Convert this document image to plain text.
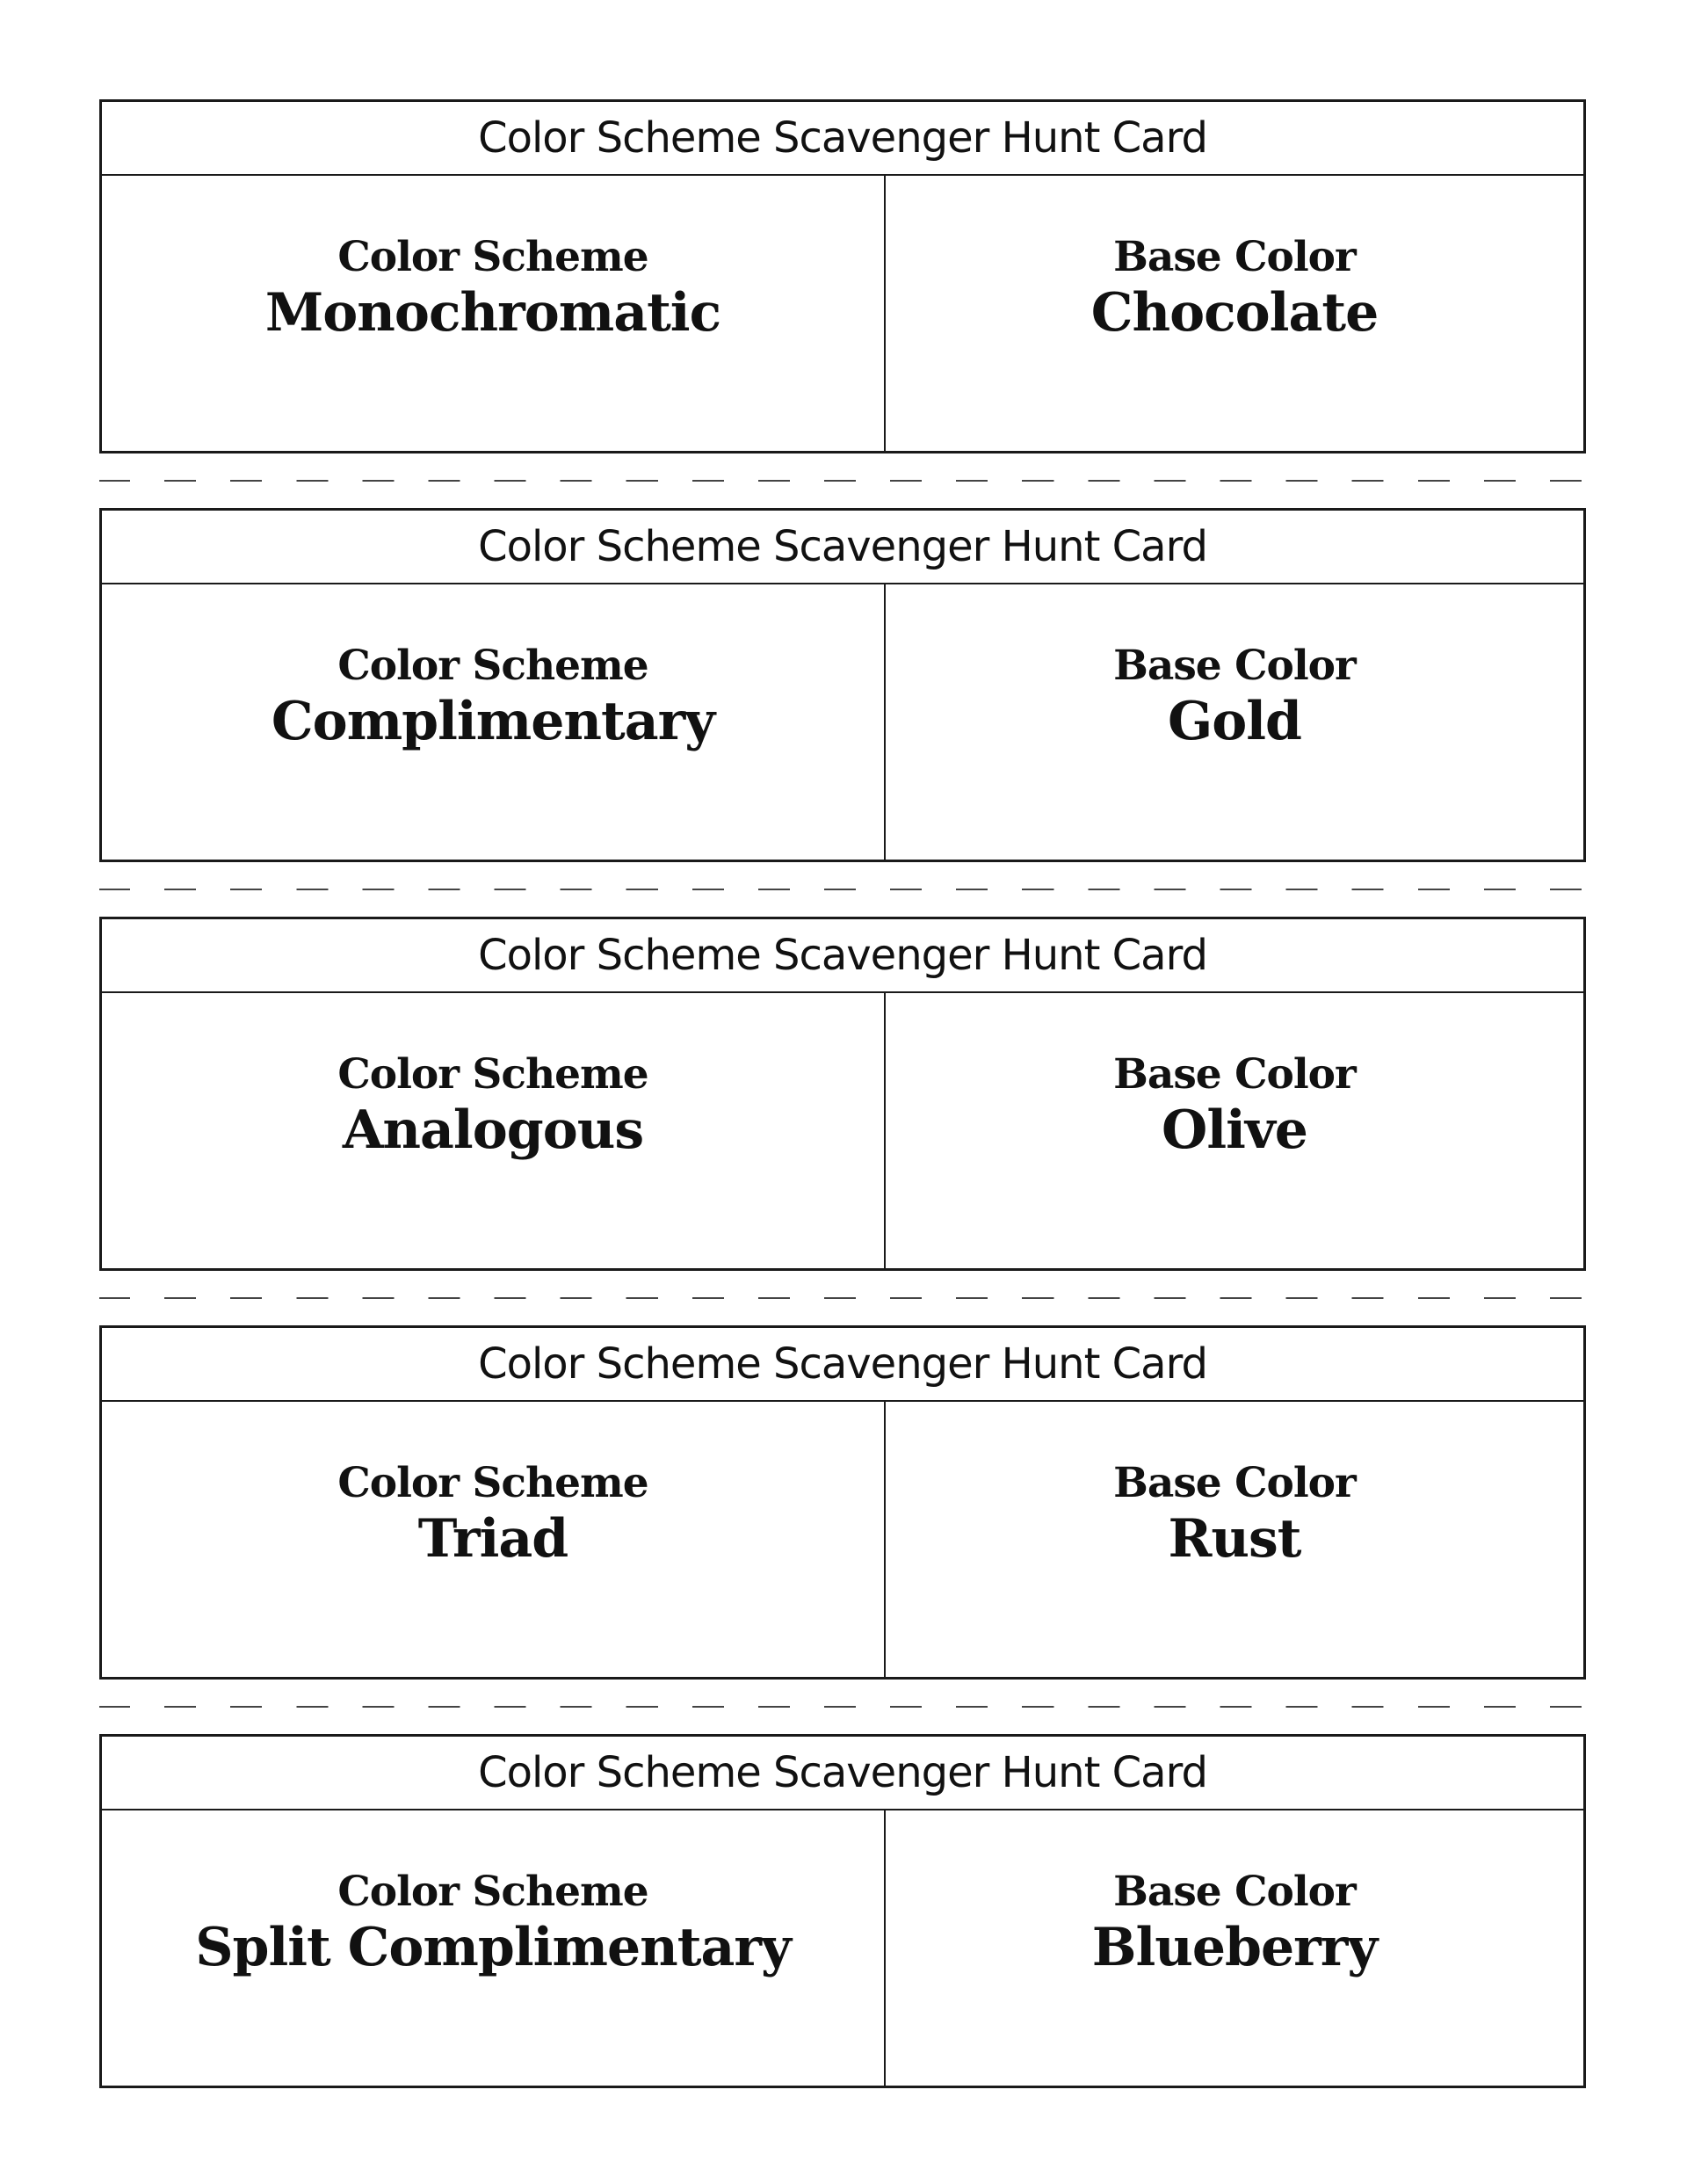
Color Scheme Scavenger Hunt Card
Color Scheme
Monochromatic
Base Color
Chocolate
Color Scheme Scavenger Hunt Card
Color Scheme
Complimentary
Base Color
Gold
Color Scheme Scavenger Hunt Card
Color Scheme
Analogous
Base Color
Olive
Color Scheme Scavenger Hunt Card
Color Scheme
Triad
Base Color
Rust
Color Scheme Scavenger Hunt Card
Color Scheme
Split Complimentary
Base Color
Blueberry
